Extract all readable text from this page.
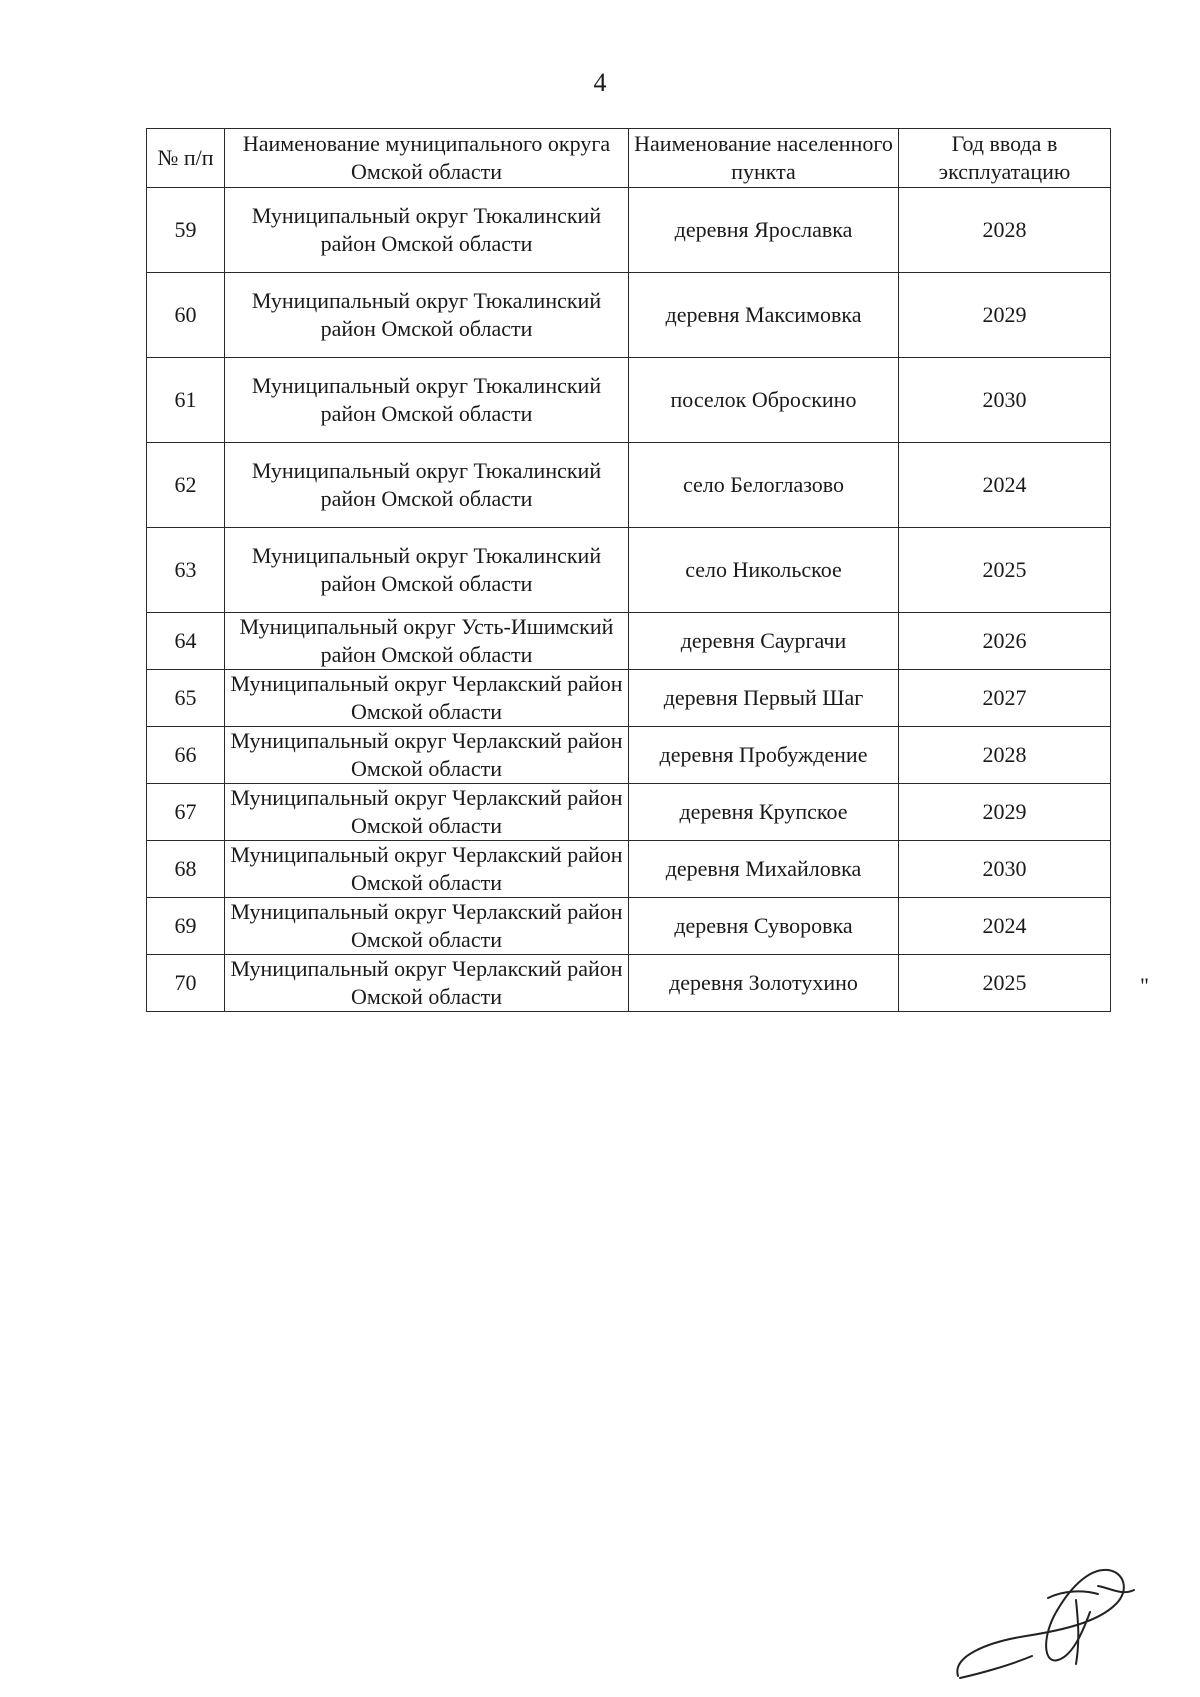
4
№ п/п	Наименование муниципального округа Омской области	Наименование населенного пункта	Год ввода в эксплуатацию
59	Муниципальный округ Тюкалинский район Омской области	деревня Ярославка	2028
60	Муниципальный округ Тюкалинский район Омской области	деревня Максимовка	2029
61	Муниципальный округ Тюкалинский район Омской области	поселок Оброскино	2030
62	Муниципальный округ Тюкалинский район Омской области	село Белоглазово	2024
63	Муниципальный округ Тюкалинский район Омской области	село Никольское	2025
64	Муниципальный округ Усть-Ишимский район Омской области	деревня Саургачи	2026
65	Муниципальный округ Черлакский район Омской области	деревня Первый Шаг	2027
66	Муниципальный округ Черлакский район Омской области	деревня Пробуждение	2028
67	Муниципальный округ Черлакский район Омской области	деревня Крупское	2029
68	Муниципальный округ Черлакский район Омской области	деревня Михайловка	2030
69	Муниципальный округ Черлакский район Омской области	деревня Суворовка	2024
70	Муниципальный округ Черлакский район Омской области	деревня Золотухино	2025	"
